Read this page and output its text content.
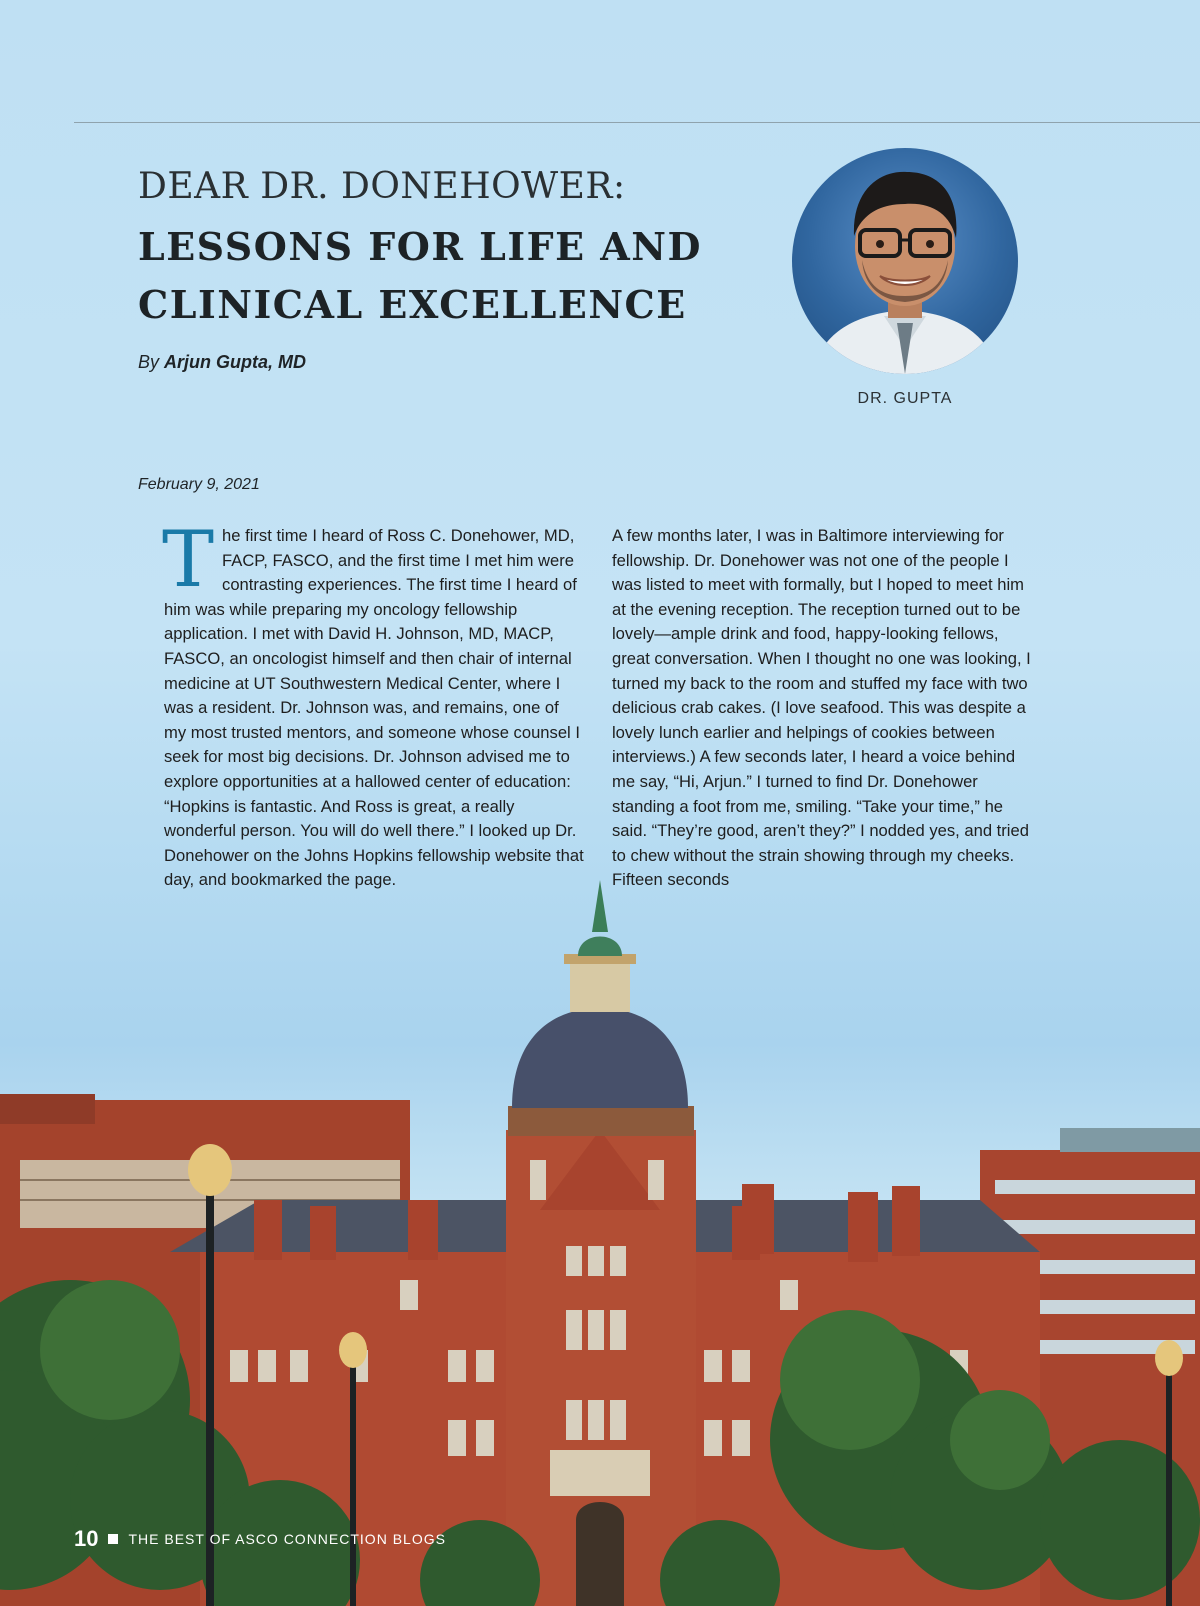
DEAR DR. DONEHOWER:
LESSONS FOR LIFE AND CLINICAL EXCELLENCE
By Arjun Gupta, MD
DR. GUPTA
February 9, 2021
T he first time I heard of Ross C. Donehower, MD, FACP, FASCO, and the first time I met him were contrasting experiences. The first time I heard of him was while preparing my oncology fellowship application. I met with David H. Johnson, MD, MACP, FASCO, an oncologist himself and then chair of internal medicine at UT Southwestern Medical Center, where I was a resident. Dr. Johnson was, and remains, one of my most trusted mentors, and someone whose counsel I seek for most big decisions. Dr. Johnson advised me to explore opportunities at a hallowed center of education: “Hopkins is fantastic. And Ross is great, a really wonderful person. You will do well there.” I looked up Dr. Donehower on the Johns Hopkins fellowship website that day, and bookmarked the page.
A few months later, I was in Baltimore interviewing for fellowship. Dr. Donehower was not one of the people I was listed to meet with formally, but I hoped to meet him at the evening reception. The reception turned out to be lovely—ample drink and food, happy-looking fellows, great conversation. When I thought no one was looking, I turned my back to the room and stuffed my face with two delicious crab cakes. (I love seafood. This was despite a lovely lunch earlier and helpings of cookies between interviews.) A few seconds later, I heard a voice behind me say, “Hi, Arjun.” I turned to find Dr. Donehower standing a foot from me, smiling. “Take your time,” he said. “They’re good, aren’t they?” I nodded yes, and tried to chew without the strain showing through my cheeks. Fifteen seconds
10 THE BEST OF ASCO CONNECTION BLOGS
